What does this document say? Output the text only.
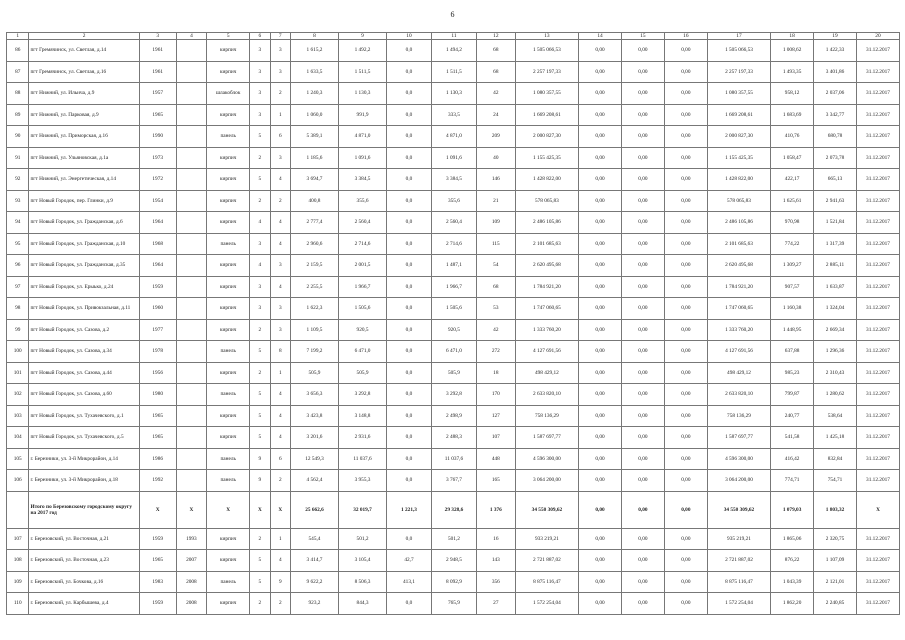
6
1	2	3	4	5	6	7	8	9	10	11	12	13	14	15	16	17	18	19	20
86	пгт Гремячинск, ул. Светлая, д.14	1961		кирпич	3	3	1 615,2	1 492,2	0,0	1 494,2	68	1 505 066,53	0,00	0,00	0,00	1 505 066,53	1 008,62	1 422,33	31.12.2017
87	пгт Гремячинск, ул. Светлая, д.16	1961		кирпич	3	3	1 633,5	1 511,5	0,0	1 511,5	68	2 257 197,33	0,00	0,00	0,00	2 257 197,33	1 493,35	3 401,86	31.12.2017
88	пгт Нижний, ул. Ильича, д.9	1957		шлакоблок	3	2	1 240,3	1 130,3	0,0	1 130,3	42	1 080 357,55	0,00	0,00	0,00	1 080 357,55	958,12	2 037,06	31.12.2017
89	пгт Нижний, ул. Парковая, д.9	1965		кирпич	3	1	1 060,0	991,9	0,0	333,5	24	1 669 208,61	0,00	0,00	0,00	1 669 208,61	1 683,69	3 342,77	31.12.2017
90	пгт Нижний, ул. Приморская, д.16	1990		панель	5	6	5 389,1	4 871,0	0,0	4 871,0	209	2 000 827,30	0,00	0,00	0,00	2 000 827,30	410,76	680,78	31.12.2017
91	пгт Нижний, ул. Ульяновская, д.1а	1973		кирпич	2	3	1 185,6	1 091,6	0,0	1 091,6	40	1 155 425,35	0,00	0,00	0,00	1 155 425,35	1 058,47	2 073,78	31.12.2017
92	пгт Нижний, ул. Энергетическая, д.14	1972		кирпич	5	4	3 694,7	3 384,5	0,0	3 384,5	146	1 428 822,00	0,00	0,00	0,00	1 428 822,00	422,17	665,13	31.12.2017
93	пгт Новый Городок, пер. Глинки, д.9	1954		кирпич	2	2	400,8	355,6	0,0	355,6	21	578 065,83	0,00	0,00	0,00	578 065,83	1 625,61	2 941,63	31.12.2017
94	пгт Новый Городок, ул. Гражданская, д.6	1964		кирпич	4	4	2 777,4	2 560,4	0,0	2 560,4	109	2 486 105,86	0,00	0,00	0,00	2 486 105,86	970,98	1 521,84	31.12.2017
95	пгт Новый Городок, ул. Гражданская, д.10	1968		панель	3	4	2 960,6	2 714,6	0,0	2 714,6	115	2 101 685,63	0,00	0,00	0,00	2 101 685,63	774,22	1 317,39	31.12.2017
96	пгт Новый Городок, ул. Гражданская, д.35	1964		кирпич	4	3	2 159,5	2 001,5	0,0	1 487,1	54	2 620 495,68	0,00	0,00	0,00	2 620 495,68	1 309,27	2 885,11	31.12.2017
97	пгт Новый Городок, ул. Ерыько, д.24	1959		кирпич	3	4	2 255,5	1 966,7	0,0	1 966,7	68	1 784 921,20	0,00	0,00	0,00	1 784 921,20	907,57	1 633,87	31.12.2017
98	пгт Новый Городок, ул. Привокзальная, д.11	1960		кирпич	3	3	1 622,3	1 505,6	0,0	1 505,6	53	1 747 060,65	0,00	0,00	0,00	1 747 060,65	1 160,38	1 324,04	31.12.2017
99	пгт Новый Городок, ул. Сазова, д.2	1977		кирпич	2	3	1 109,5	920,5	0,0	920,5	42	1 333 760,20	0,00	0,00	0,00	1 333 760,20	1 448,95	2 669,34	31.12.2017
100	пгт Новый Городок, ул. Сазова, д.34	1978		панель	5	8	7 199,2	6 471,0	0,0	6 471,0	272	4 127 691,56	0,00	0,00	0,00	4 127 691,56	637,88	1 296,36	31.12.2017
101	пгт Новый Городок, ул. Сазова, д.44	1956		кирпич	2	1	505,9	505,9	0,0	505,9	18	498 429,12	0,00	0,00	0,00	498 429,12	985,23	2 310,43	31.12.2017
102	пгт Новый Городок, ул. Сазова, д.60	1980		панель	5	4	3 656,3	3 292,8	0,0	3 292,8	170	2 633 820,10	0,00	0,00	0,00	2 633 820,10	799,87	1 280,62	31.12.2017
103	пгт Новый Городок, ул. Тухачевского, д.1	1965		кирпич	5	4	3 423,8	3 148,8	0,0	2 498,9	127	758 136,29	0,00	0,00	0,00	758 136,29	240,77	538,64	31.12.2017
104	пгт Новый Городок, ул. Тухачевского, д.5	1965		кирпич	5	4	3 201,6	2 931,6	0,0	2 488,3	107	1 587 697,77	0,00	0,00	0,00	1 587 697,77	541,58	1 425,18	31.12.2017
105	г. Березники, ул. 3-й Микрорайон, д.14	1986		панель	9	6	12 549,3	11 037,6	0,0	11 037,6	448	4 596 300,00	0,00	0,00	0,00	4 596 300,00	416,42	832,84	31.12.2017
106	г. Березники, ул. 3-й Микрорайон, д.18	1992		панель	9	2	4 562,4	3 955,3	0,0	3 767,7	165	3 064 200,00	0,00	0,00	0,00	3 064 200,00	774,71	754,71	31.12.2017
	Итого по Березовскому городскому округу на 2017 год	X	X	X	X	X	25 662,6	32 019,7	1 221,3	29 328,6	1 376	34 550 309,62	0,00	0,00	0,00	34 550 309,62	1 079,03	1 803,32	X
107	г. Березовский, ул. Восточная, д.21	1959	1993	кирпич	2	1	545,4	501,2	0,0	501,2	16	933 219,21	0,00	0,00	0,00	935 219,21	1 865,06	2 320,75	31.12.2017
108	г. Березовский, ул. Восточная, д.23	1965	2007	кирпич	5	4	3 414,7	3 105,4	42,7	2 948,5	143	2 721 887,02	0,00	0,00	0,00	2 721 887,02	876,22	1 107,09	31.12.2017
109	г. Березовский, ул. Бочкова, д.16	1983	2008	панель	5	9	9 622,2	8 506,3	413,1	8 092,9	356	8 875 116,47	0,00	0,00	0,00	8 875 116,47	1 043,39	2 121,01	31.12.2017
110	г. Березовский, ул. Карбышева, д.4	1959	2008	кирпич	2	2	923,2	844,3	0,0	765,9	27	1 572 254,04	0,00	0,00	0,00	1 572 254,04	1 862,20	2 240,85	31.12.2017
